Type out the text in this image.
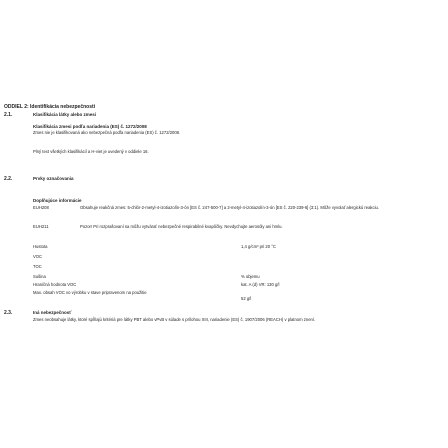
ODDIEL 2: Identifikácia nebezpečnosti
2.1.	Klasifikácia látky alebo zmesi
Klasifikácia zmesi podľa nariadenia (ES) č. 1272/2008
Zmes nie je klasifikovaná ako nebezpečná podľa nariadenia (ES) č. 1272/2008.
Plný text všetkých klasifikácií a H-viet je uvedený v oddiele 16.
2.2.	Prvky označovania
Doplňujúce informácie
EUH208	Obsahuje reakčná zmes: 5-chlór-2-metyl-4-izotiazolín-3-ón [ES č. 247-500-7] a 2-metyl-4-izotiazolín-3-ón [ES č. 220-239-6] (3:1). Môže vyvolať alergickú reakciu.
EUH211	Pozor! Pri rozprašovaní sa môžu vytvárať nebezpečné respirabilné kvapôčky. Nevdychujte aerosóly ani hmlu.
Hustota	1,4 g/cm³ pri 20 °C
VOC
TOC
Sušina	% objemu
Hraničná hodnota VOC	kat. A (d) VR: 130 g/l
Max. obsah VOC vo výrobku v stave pripravenom na použitie
52 g/l
2.3.	Iná nebezpečnosť
Zmes neobsahuje látky, ktoré spĺňajú kritériá pre látky PBT alebo vPvB v súlade s prílohou XIII, nariadenie (ES) č. 1907/2006 (REACH) v platnom znení.
